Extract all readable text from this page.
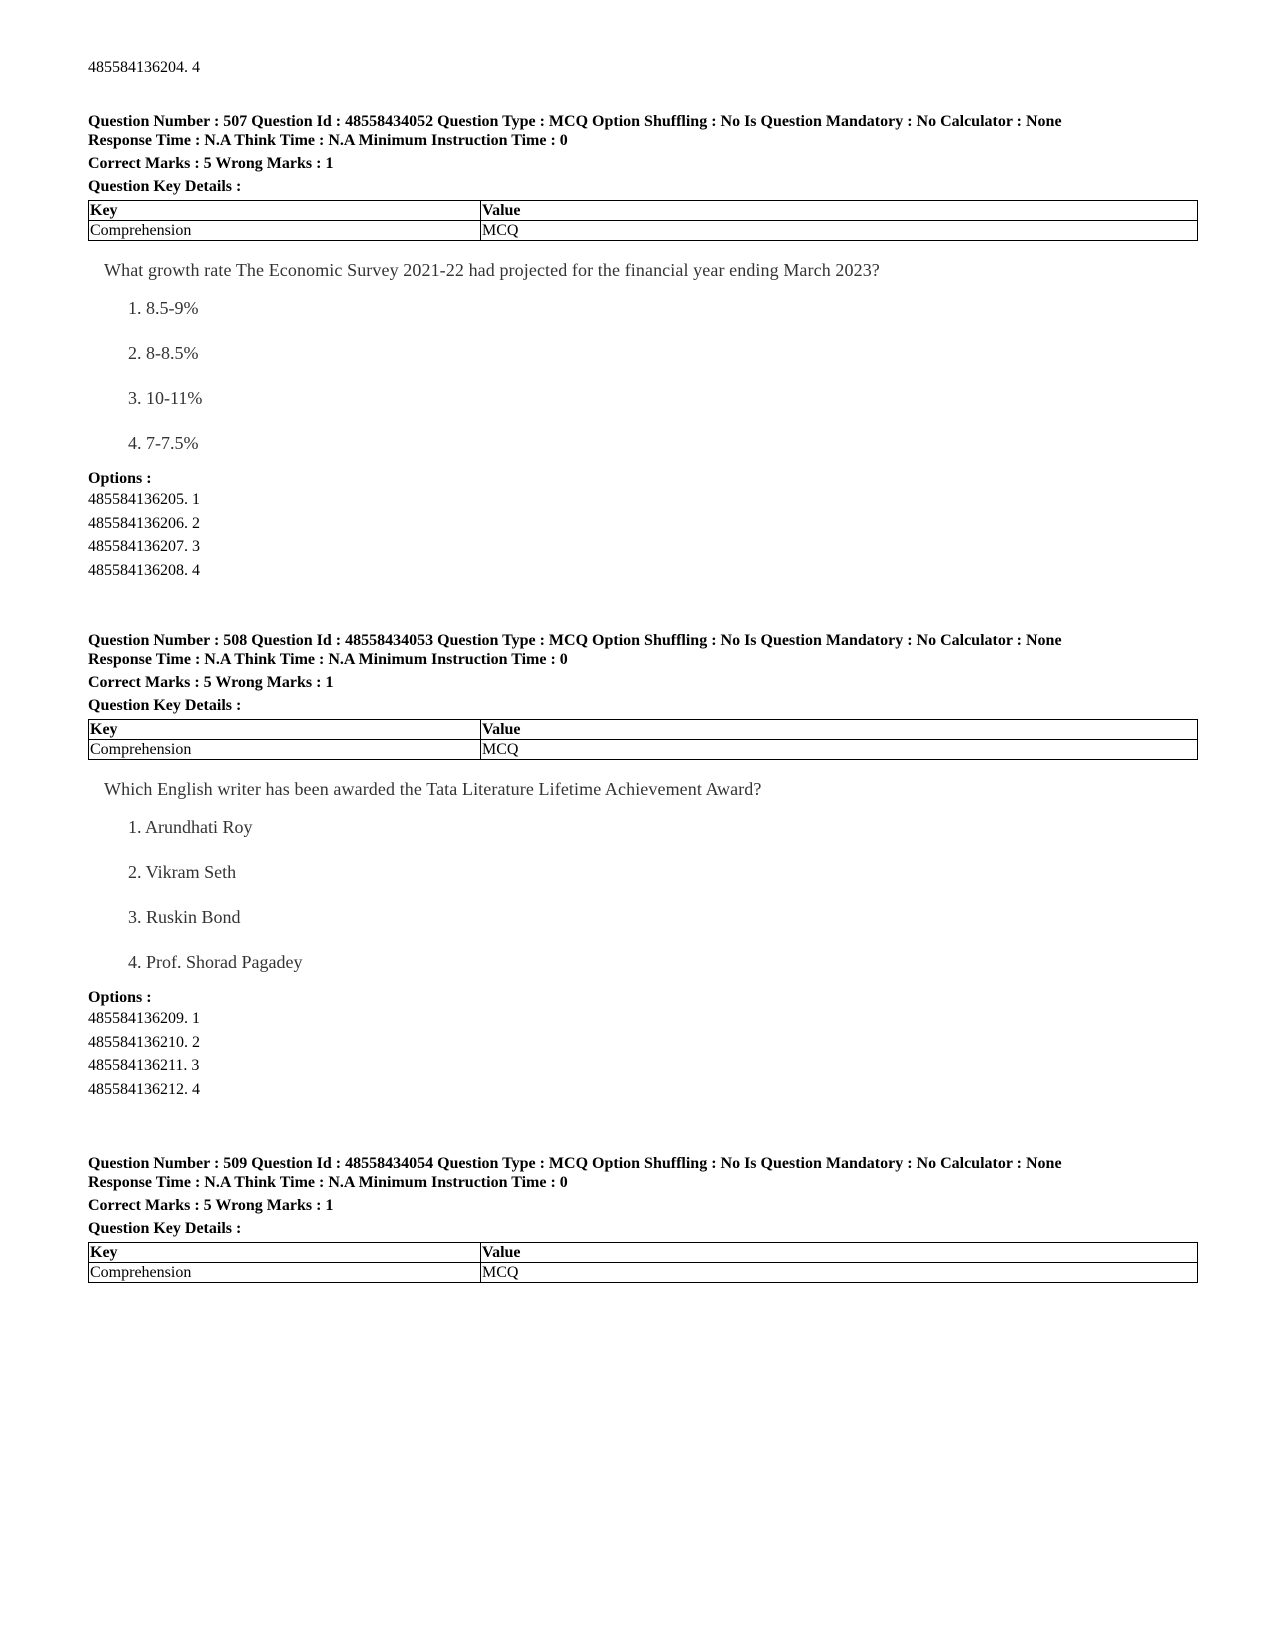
485584136204. 4
Question Number : 507 Question Id : 48558434052 Question Type : MCQ Option Shuffling : No Is Question Mandatory : No Calculator : None
Response Time : N.A Think Time : N.A Minimum Instruction Time : 0
Correct Marks : 5 Wrong Marks : 1
Question Key Details :
Key	Value
Comprehension	MCQ
What growth rate The Economic Survey 2021-22 had projected for the financial year ending March 2023?
1. 8.5-9%
2. 8-8.5%
3. 10-11%
4. 7-7.5%
Options :
485584136205. 1
485584136206. 2
485584136207. 3
485584136208. 4
Question Number : 508 Question Id : 48558434053 Question Type : MCQ Option Shuffling : No Is Question Mandatory : No Calculator : None
Response Time : N.A Think Time : N.A Minimum Instruction Time : 0
Correct Marks : 5 Wrong Marks : 1
Question Key Details :
Key	Value
Comprehension	MCQ
Which English writer has been awarded the Tata Literature Lifetime Achievement Award?
1. Arundhati Roy
2. Vikram Seth
3. Ruskin Bond
4. Prof. Shorad Pagadey
Options :
485584136209. 1
485584136210. 2
485584136211. 3
485584136212. 4
Question Number : 509 Question Id : 48558434054 Question Type : MCQ Option Shuffling : No Is Question Mandatory : No Calculator : None
Response Time : N.A Think Time : N.A Minimum Instruction Time : 0
Correct Marks : 5 Wrong Marks : 1
Question Key Details :
Key	Value
Comprehension	MCQ
